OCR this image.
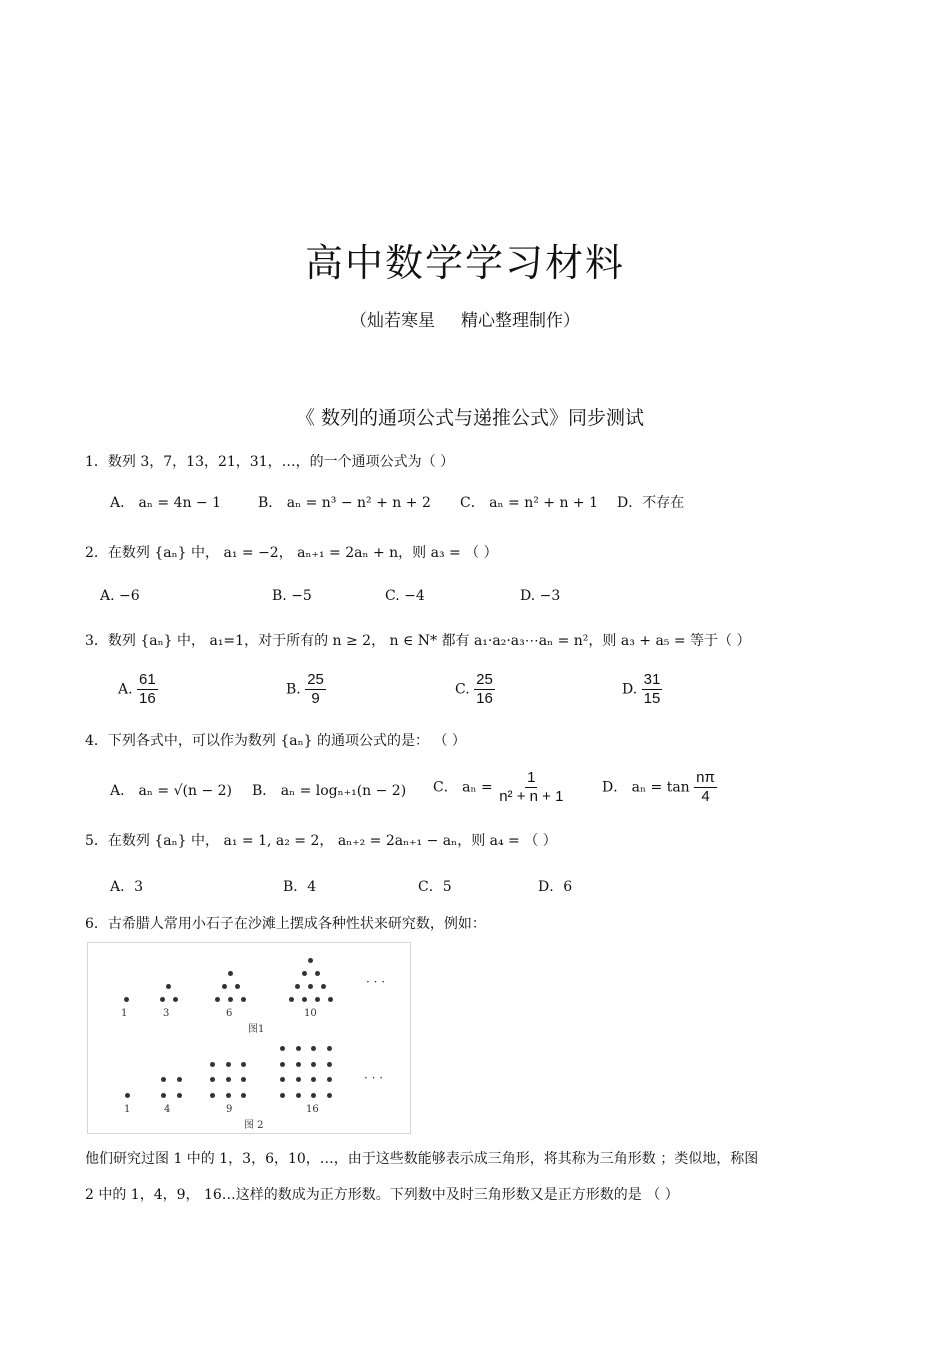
高中数学学习材料
（灿若寒星 精心整理制作）
《 数列的通项公式与递推公式》同步测试
1．数列 3，7，13，21，31，…，的一个通项公式为（ ）
A． aₙ = 4n − 1	B． aₙ = n³ − n² + n + 2 C． aₙ = n² + n + 1 D．不存在
2．在数列 {aₙ} 中， a₁ = −2， aₙ₊₁ = 2aₙ + n，则 a₃ = （ ）
A. −6	B. −5	C. −4	D. −3
3．数列 {aₙ} 中， a₁=1，对于所有的 n ≥ 2， n ∈ N* 都有 a₁·a₂·a₃⋯aₙ = n²，则 a₃ + a₅ = 等于（ ）
A. $\frac{61}{16}$	B. $\frac{25}{9}$	C. $\frac{25}{16}$	D. $\frac{31}{15}$
4．下列各式中，可以作为数列 {aₙ} 的通项公式的是： （ ）
A． aₙ = √(n − 2) B． aₙ = logₙ₊₁(n − 2) C． $a_n = \frac{1}{\text{n² + n + 1}}$	D． $a_n = \tan \frac{n\pi}{4}$
5．在数列 {aₙ} 中， a₁ = 1, a₂ = 2， aₙ₊₂ = 2aₙ₊₁ − aₙ，则 a₄ = （ ）
A．3	B．4	C．5	D．6
6．古希腊人常用小石子在沙滩上摆成各种性状来研究数，例如：
1	3	6	10
图1
· · ·
1	4	9	16
图 2
· · ·
他们研究过图 1 中的 1，3，6，10，…，由于这些数能够表示成三角形，将其称为三角形数 ；类似地，称图
2 中的 1，4，9， 16…这样的数成为正方形数。下列数中及时三角形数又是正方形数的是 （ ）
